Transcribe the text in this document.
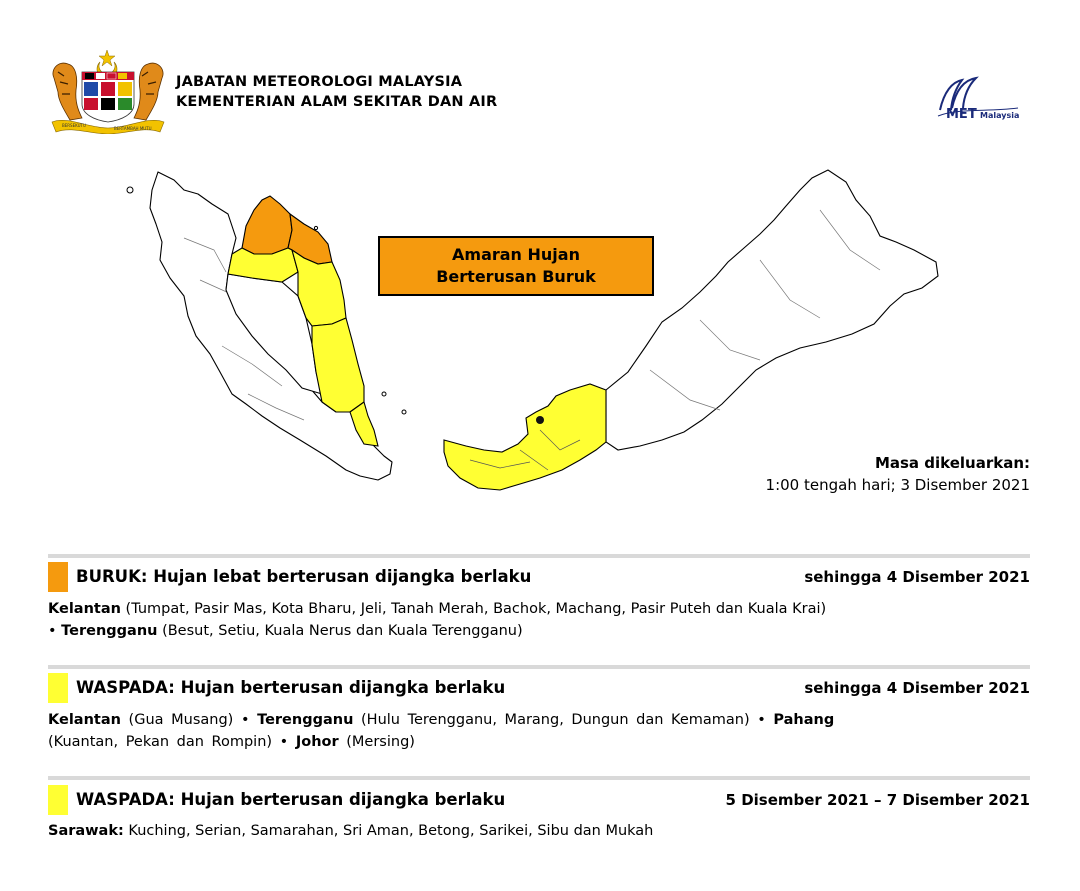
BERSEKUTU
BERTAMBAH MUTU
JABATAN METEOROLOGI MALAYSIA
KEMENTERIAN ALAM SEKITAR DAN AIR
MET Malaysia
Amaran Hujan
Berterusan Buruk
Masa dikeluarkan:
1:00 tengah hari; 3 Disember 2021
BURUK: Hujan lebat berterusan dijangka berlaku	sehingga 4 Disember 2021
Kelantan (Tumpat, Pasir Mas, Kota Bharu, Jeli, Tanah Merah, Bachok, Machang, Pasir Puteh dan Kuala Krai)
• Terengganu (Besut, Setiu, Kuala Nerus dan Kuala Terengganu)
WASPADA: Hujan berterusan dijangka berlaku	sehingga 4 Disember 2021
Kelantan (Gua Musang) • Terengganu (Hulu Terengganu, Marang, Dungun dan Kemaman) • Pahang
(Kuantan, Pekan dan Rompin) • Johor (Mersing)
WASPADA: Hujan berterusan dijangka berlaku	5 Disember 2021 – 7 Disember 2021
Sarawak: Kuching, Serian, Samarahan, Sri Aman, Betong, Sarikei, Sibu dan Mukah
